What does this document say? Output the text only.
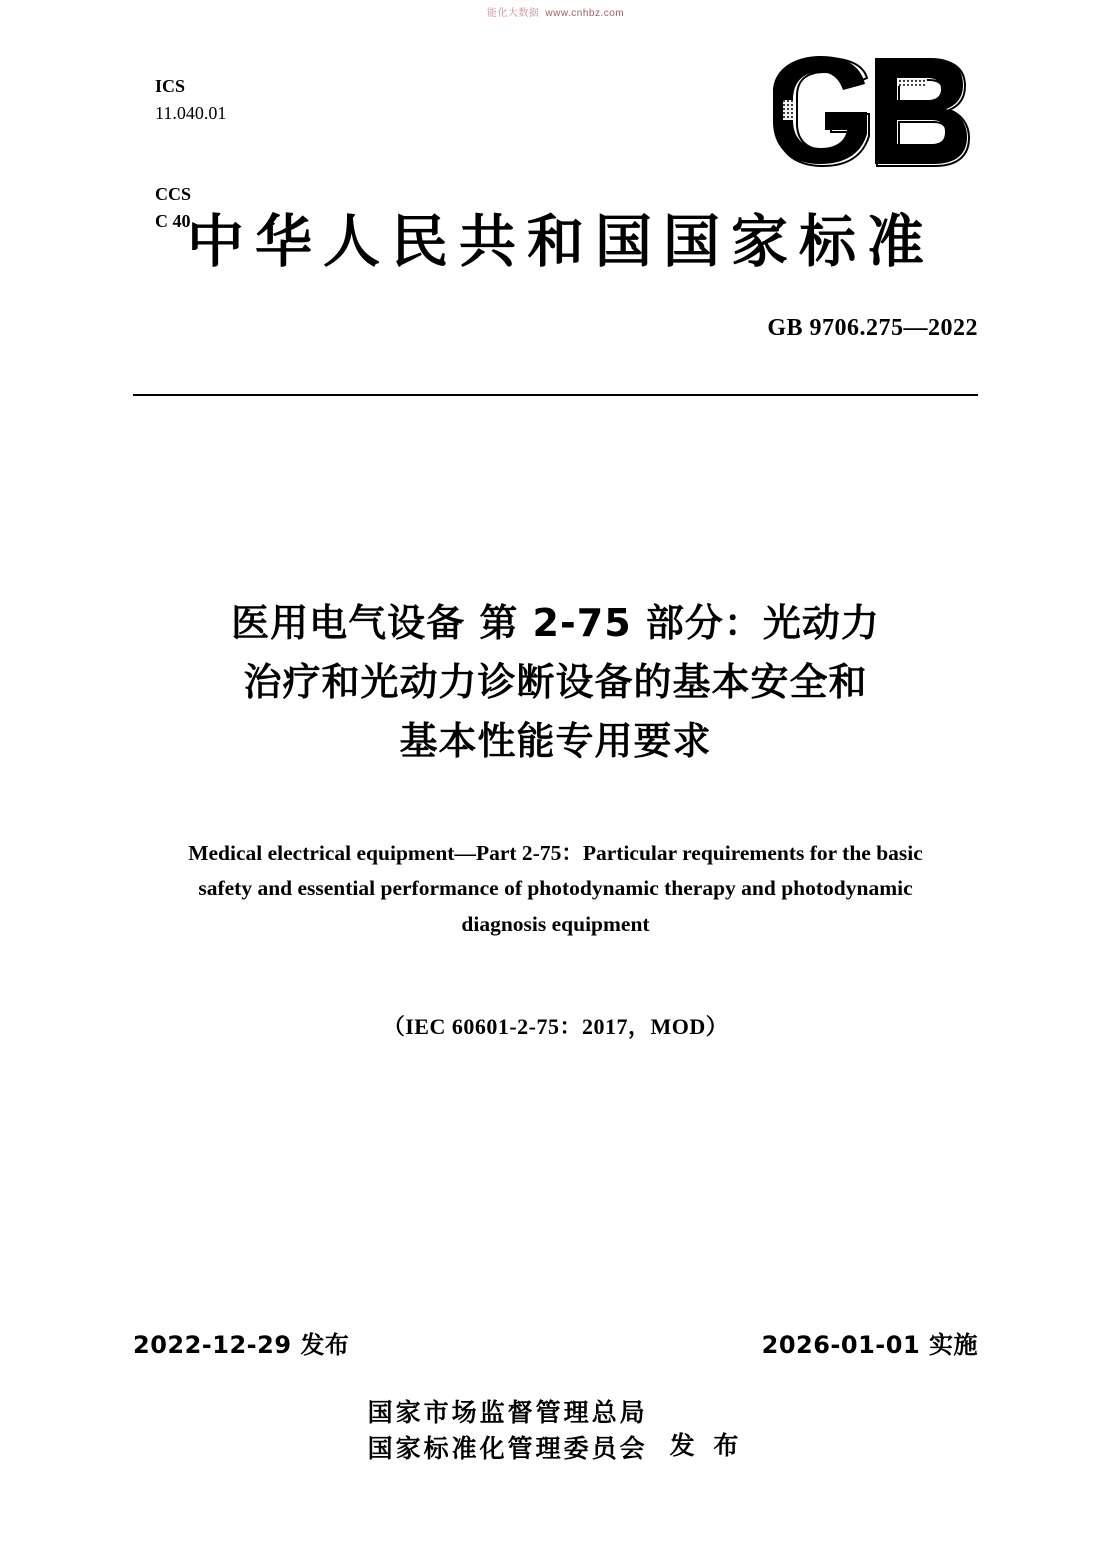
能化大数据 www.cnhbz.com

ICS
11.040.01

CCS
C 40

中华人民共和国国家标准
GB 9706.275—2022
医用电气设备 第 2-75 部分：光动力
治疗和光动力诊断设备的基本安全和
基本性能专用要求
Medical electrical equipment—Part 2-75：Particular requirements for the basic
safety and essential performance of photodynamic therapy and photodynamic
diagnosis equipment
（IEC 60601-2-75：2017，MOD）
2022-12-29 发布	2026-01-01 实施
国家市场监督管理总局
国家标准化管理委员会 发 布
